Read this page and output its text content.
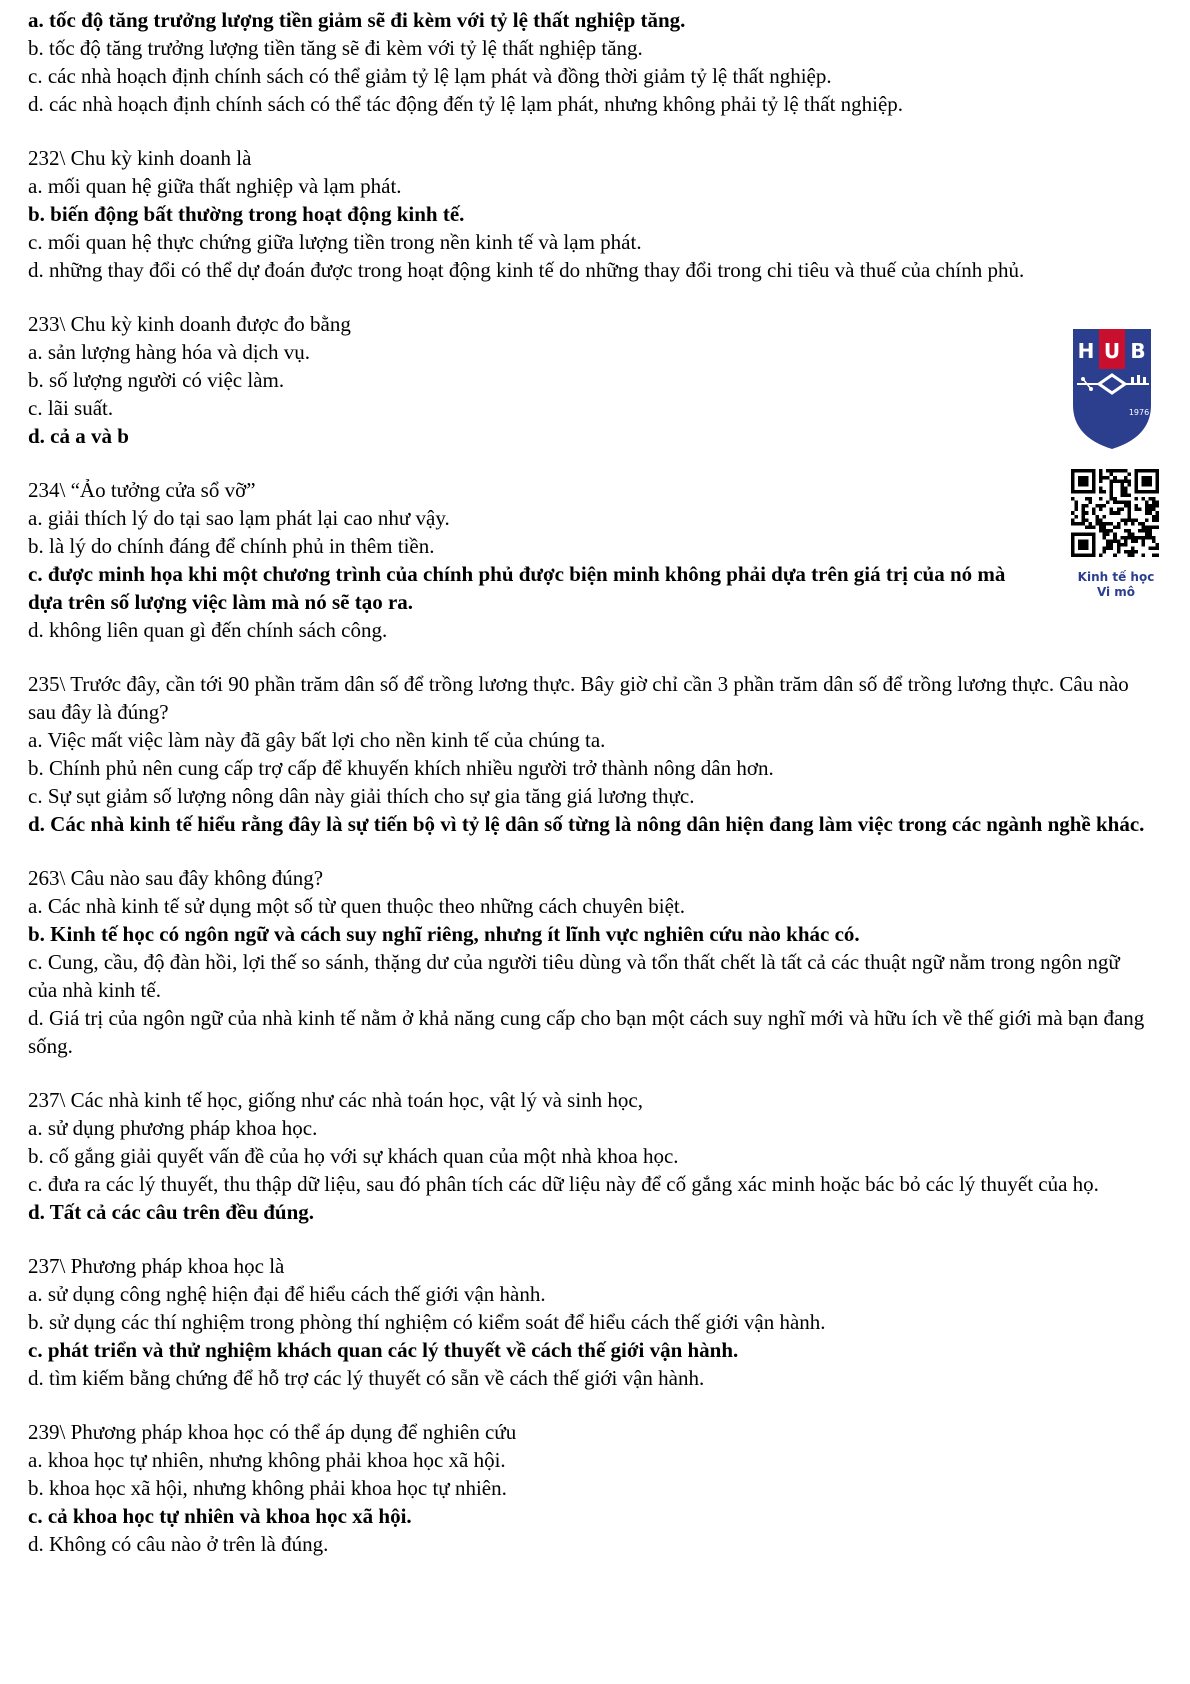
a. tốc độ tăng trưởng lượng tiền giảm sẽ đi kèm với tỷ lệ thất nghiệp tăng.
b. tốc độ tăng trưởng lượng tiền tăng sẽ đi kèm với tỷ lệ thất nghiệp tăng.
c. các nhà hoạch định chính sách có thể giảm tỷ lệ lạm phát và đồng thời giảm tỷ lệ thất nghiệp.
d. các nhà hoạch định chính sách có thể tác động đến tỷ lệ lạm phát, nhưng không phải tỷ lệ thất nghiệp.
232\ Chu kỳ kinh doanh là
a. mối quan hệ giữa thất nghiệp và lạm phát.
b. biến động bất thường trong hoạt động kinh tế.
c. mối quan hệ thực chứng giữa lượng tiền trong nền kinh tế và lạm phát.
d. những thay đổi có thể dự đoán được trong hoạt động kinh tế do những thay đổi trong chi tiêu và thuế của chính phủ.
233\ Chu kỳ kinh doanh được đo bằng
a. sản lượng hàng hóa và dịch vụ.
b. số lượng người có việc làm.
c. lãi suất.
d. cả a và b
234\ “Ảo tưởng cửa sổ vỡ”
a. giải thích lý do tại sao lạm phát lại cao như vậy.
b. là lý do chính đáng để chính phủ in thêm tiền.
c. được minh họa khi một chương trình của chính phủ được biện minh không phải dựa trên giá trị của nó mà dựa trên số lượng việc làm mà nó sẽ tạo ra.
d. không liên quan gì đến chính sách công.
235\ Trước đây, cần tới 90 phần trăm dân số để trồng lương thực. Bây giờ chỉ cần 3 phần trăm dân số để trồng lương thực. Câu nào sau đây là đúng?
a. Việc mất việc làm này đã gây bất lợi cho nền kinh tế của chúng ta.
b. Chính phủ nên cung cấp trợ cấp để khuyến khích nhiều người trở thành nông dân hơn.
c. Sự sụt giảm số lượng nông dân này giải thích cho sự gia tăng giá lương thực.
d. Các nhà kinh tế hiểu rằng đây là sự tiến bộ vì tỷ lệ dân số từng là nông dân hiện đang làm việc trong các ngành nghề khác.
263\ Câu nào sau đây không đúng?
a. Các nhà kinh tế sử dụng một số từ quen thuộc theo những cách chuyên biệt.
b. Kinh tế học có ngôn ngữ và cách suy nghĩ riêng, nhưng ít lĩnh vực nghiên cứu nào khác có.
c. Cung, cầu, độ đàn hồi, lợi thế so sánh, thặng dư của người tiêu dùng và tổn thất chết là tất cả các thuật ngữ nằm trong ngôn ngữ của nhà kinh tế.
d. Giá trị của ngôn ngữ của nhà kinh tế nằm ở khả năng cung cấp cho bạn một cách suy nghĩ mới và hữu ích về thế giới mà bạn đang sống.
237\ Các nhà kinh tế học, giống như các nhà toán học, vật lý và sinh học,
a. sử dụng phương pháp khoa học.
b. cố gắng giải quyết vấn đề của họ với sự khách quan của một nhà khoa học.
c. đưa ra các lý thuyết, thu thập dữ liệu, sau đó phân tích các dữ liệu này để cố gắng xác minh hoặc bác bỏ các lý thuyết của họ.
d. Tất cả các câu trên đều đúng.
237\ Phương pháp khoa học là
a. sử dụng công nghệ hiện đại để hiểu cách thế giới vận hành.
b. sử dụng các thí nghiệm trong phòng thí nghiệm có kiểm soát để hiểu cách thế giới vận hành.
c. phát triển và thử nghiệm khách quan các lý thuyết về cách thế giới vận hành.
d. tìm kiếm bằng chứng để hỗ trợ các lý thuyết có sẵn về cách thế giới vận hành.
239\ Phương pháp khoa học có thể áp dụng để nghiên cứu
a. khoa học tự nhiên, nhưng không phải khoa học xã hội.
b. khoa học xã hội, nhưng không phải khoa học tự nhiên.
c. cả khoa học tự nhiên và khoa học xã hội.
d. Không có câu nào ở trên là đúng.
H U B
1976
Kinh tế học
Vi mô
